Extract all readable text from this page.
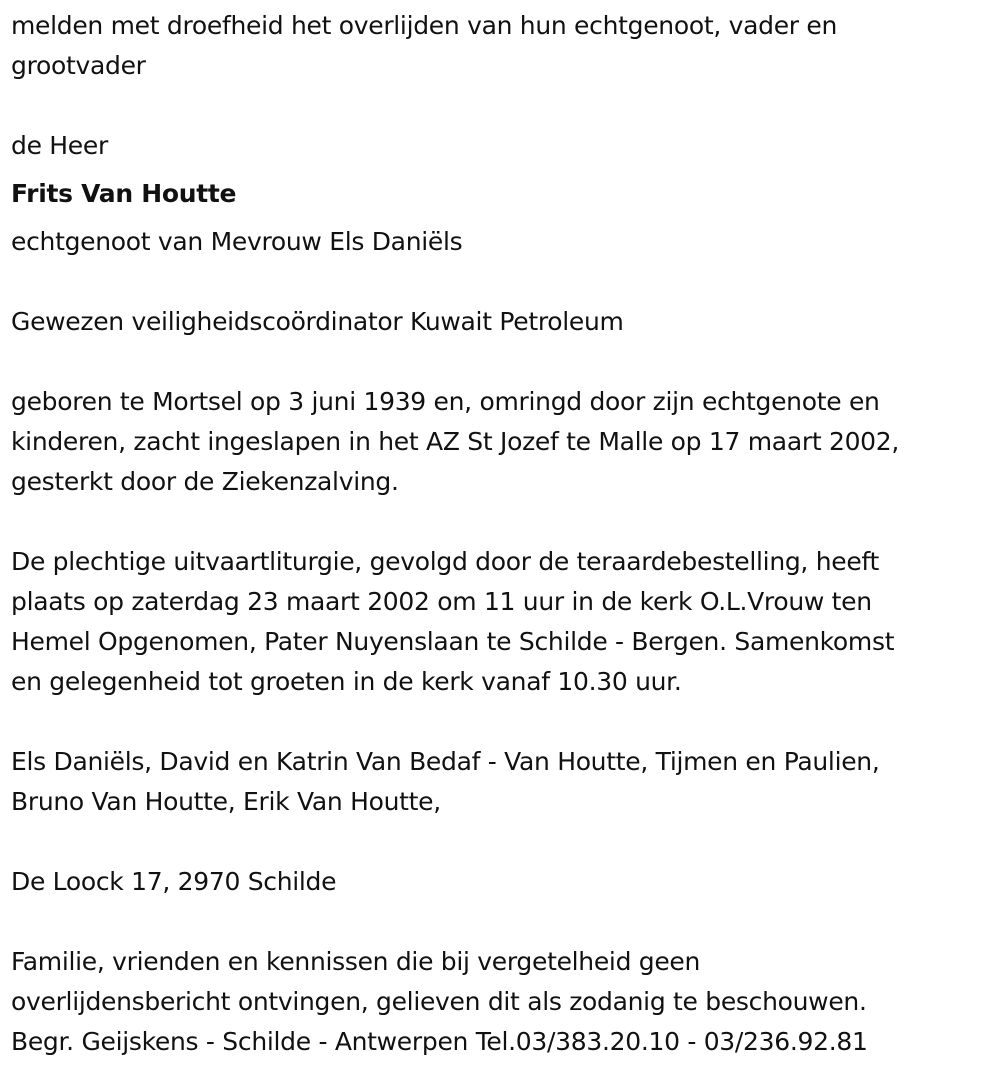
melden met droefheid het overlijden van hun echtgenoot, vader en
grootvader
de Heer
Frits Van Houtte
echtgenoot van Mevrouw Els Daniëls
Gewezen veiligheidscoördinator Kuwait Petroleum
geboren te Mortsel op 3 juni 1939 en, omringd door zijn echtgenote en
kinderen, zacht ingeslapen in het AZ St Jozef te Malle op 17 maart 2002,
gesterkt door de Ziekenzalving.
De plechtige uitvaartliturgie, gevolgd door de teraardebestelling, heeft
plaats op zaterdag 23 maart 2002 om 11 uur in de kerk O.L.Vrouw ten
Hemel Opgenomen, Pater Nuyenslaan te Schilde - Bergen. Samenkomst
en gelegenheid tot groeten in de kerk vanaf 10.30 uur.
Els Daniëls, David en Katrin Van Bedaf - Van Houtte, Tijmen en Paulien,
Bruno Van Houtte, Erik Van Houtte,
De Loock 17, 2970 Schilde
Familie, vrienden en kennissen die bij vergetelheid geen
overlijdensbericht ontvingen, gelieven dit als zodanig te beschouwen.
Begr. Geijskens - Schilde - Antwerpen Tel.03/383.20.10 - 03/236.92.81
